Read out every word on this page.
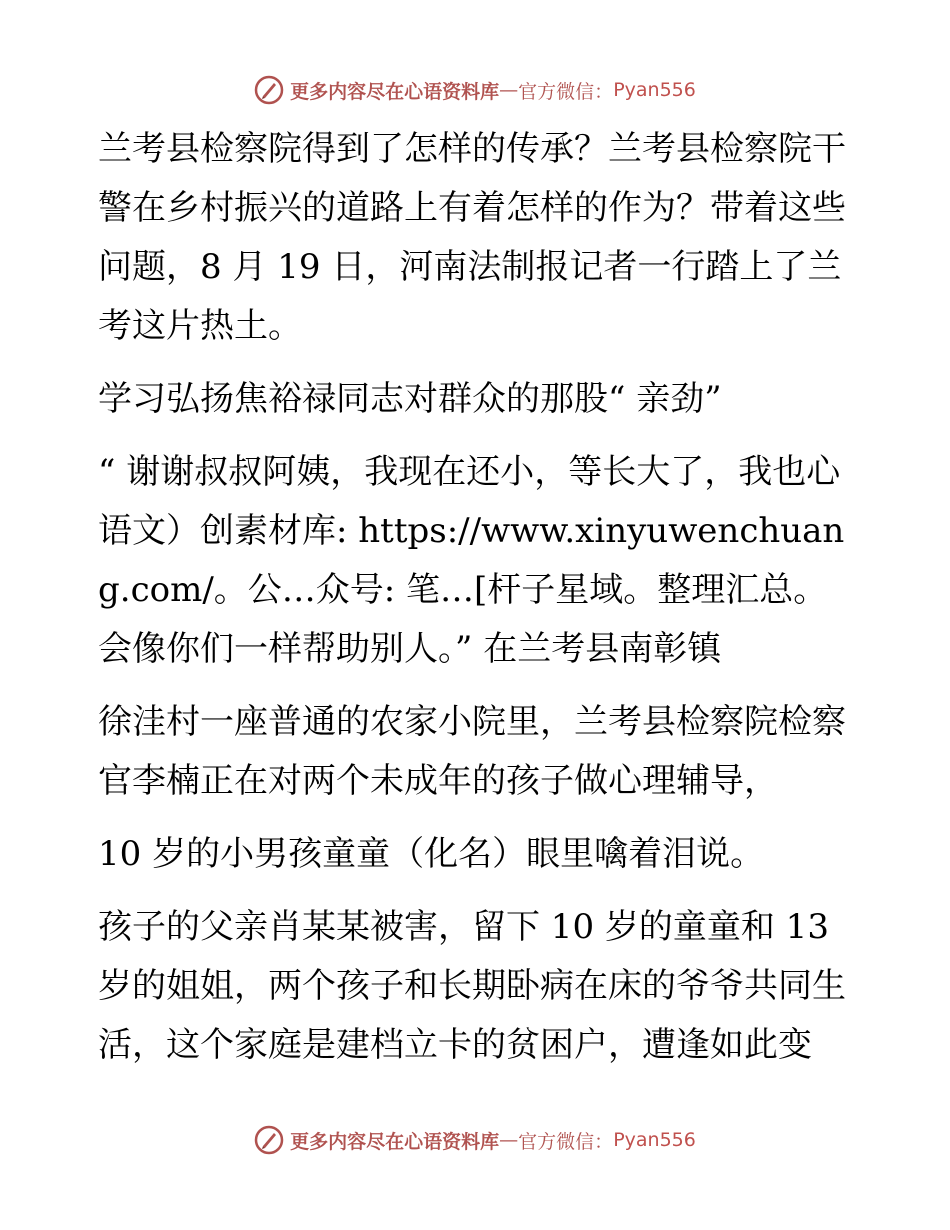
更多内容尽在心语资料库 — 官方微信： Pyan556

兰考县检察院得到了怎样的传承？兰考县检察院干警在乡村振兴的道路上有着怎样的作为？带着这些问题，8 月 19 日，河南法制报记者一行踏上了兰考这片热土。

学习弘扬焦裕禄同志对群众的那股“ 亲劲”

“ 谢谢叔叔阿姨，我现在还小，等长大了，我也心语文）创素材库: https://www.xinyuwenchuang.com/。公…众号: 笔…[杆子星域。整理汇总。会像你们一样帮助别人。” 在兰考县南彰镇

徐洼村一座普通的农家小院里，兰考县检察院检察官李楠正在对两个未成年的孩子做心理辅导，

10 岁的小男孩童童（化名）眼里噙着泪说。

孩子的父亲肖某某被害，留下 10 岁的童童和 13 岁的姐姐，两个孩子和长期卧病在床的爷爷共同生活，这个家庭是建档立卡的贫困户，遭逢如此变

更多内容尽在心语资料库 — 官方微信： Pyan556
